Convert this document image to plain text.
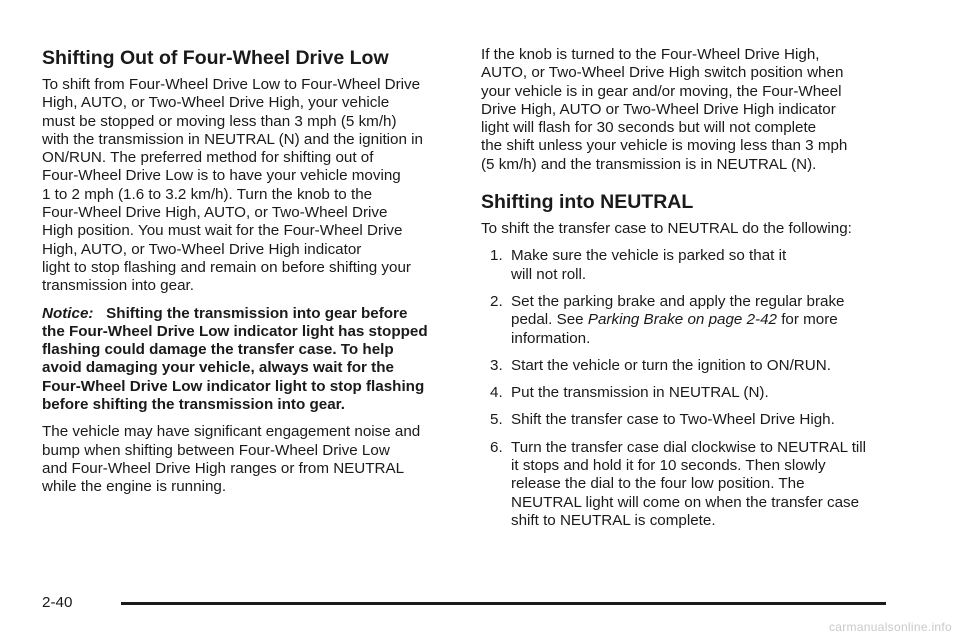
Shifting Out of Four-Wheel Drive Low

To shift from Four-Wheel Drive Low to Four-Wheel Drive
High, AUTO, or Two-Wheel Drive High, your vehicle
must be stopped or moving less than 3 mph (5 km/h)
with the transmission in NEUTRAL (N) and the ignition in
ON/RUN. The preferred method for shifting out of
Four-Wheel Drive Low is to have your vehicle moving
1 to 2 mph (1.6 to 3.2 km/h). Turn the knob to the
Four-Wheel Drive High, AUTO, or Two-Wheel Drive
High position. You must wait for the Four-Wheel Drive
High, AUTO, or Two-Wheel Drive High indicator
light to stop flashing and remain on before shifting your
transmission into gear.

Notice: Shifting the transmission into gear before
the Four-Wheel Drive Low indicator light has stopped
flashing could damage the transfer case. To help
avoid damaging your vehicle, always wait for the
Four-Wheel Drive Low indicator light to stop flashing
before shifting the transmission into gear.

The vehicle may have significant engagement noise and
bump when shifting between Four-Wheel Drive Low
and Four-Wheel Drive High ranges or from NEUTRAL
while the engine is running.

If the knob is turned to the Four-Wheel Drive High,
AUTO, or Two-Wheel Drive High switch position when
your vehicle is in gear and/or moving, the Four-Wheel
Drive High, AUTO or Two-Wheel Drive High indicator
light will flash for 30 seconds but will not complete
the shift unless your vehicle is moving less than 3 mph
(5 km/h) and the transmission is in NEUTRAL (N).

Shifting into NEUTRAL

To shift the transfer case to NEUTRAL do the following:

1. Make sure the vehicle is parked so that it
will not roll.
2. Set the parking brake and apply the regular brake
pedal. See Parking Brake on page 2-42 for more
information.
3. Start the vehicle or turn the ignition to ON/RUN.
4. Put the transmission in NEUTRAL (N).
5. Shift the transfer case to Two-Wheel Drive High.
6. Turn the transfer case dial clockwise to NEUTRAL till
it stops and hold it for 10 seconds. Then slowly
release the dial to the four low position. The
NEUTRAL light will come on when the transfer case
shift to NEUTRAL is complete.
2-40
carmanualsonline.info
